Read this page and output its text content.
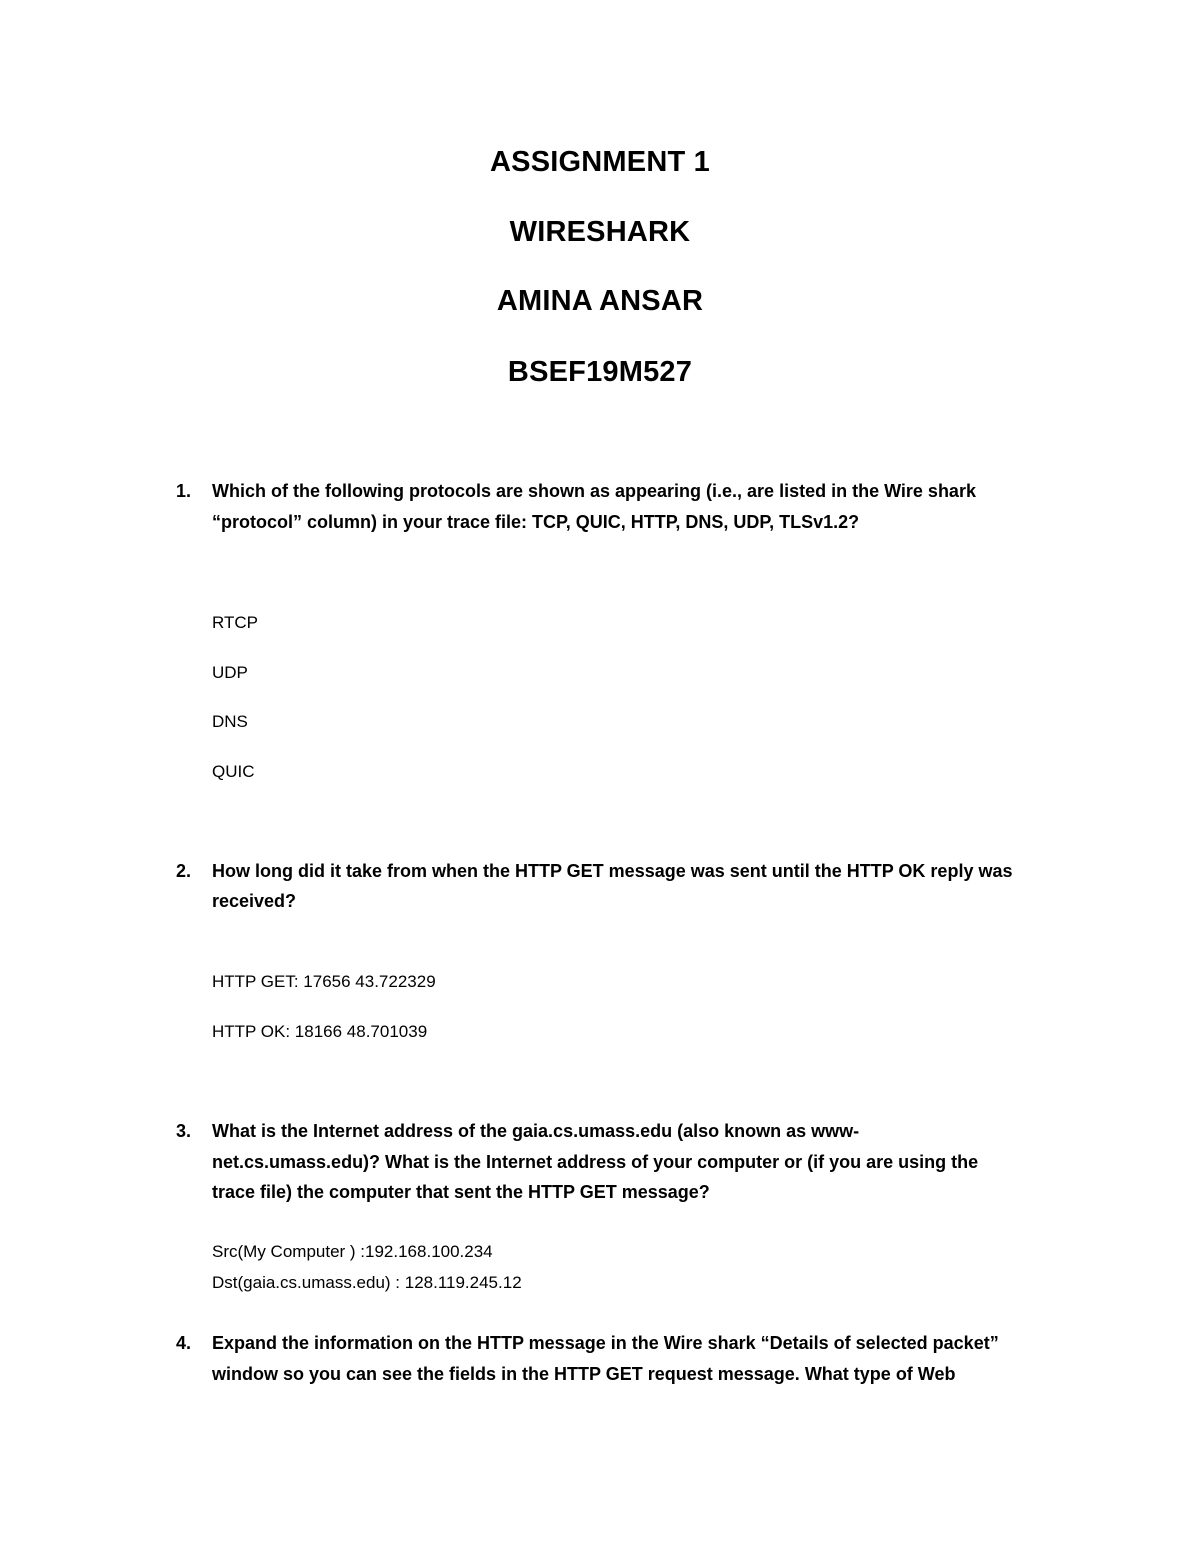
ASSIGNMENT 1
WIRESHARK
AMINA ANSAR
BSEF19M527
1. Which of the following protocols are shown as appearing (i.e., are listed in the Wire shark
“protocol” column) in your trace file: TCP, QUIC, HTTP, DNS, UDP, TLSv1.2?
RTCP
UDP
DNS
QUIC
2. How long did it take from when the HTTP GET message was sent until the HTTP OK reply was
received?
HTTP GET: 17656 43.722329
HTTP OK: 18166 48.701039
3. What is the Internet address of the gaia.cs.umass.edu (also known as www-
net.cs.umass.edu)? What is the Internet address of your computer or (if you are using the
trace file) the computer that sent the HTTP GET message?
Src(My Computer ) :192.168.100.234
Dst(gaia.cs.umass.edu) : 128.119.245.12
4. Expand the information on the HTTP message in the Wire shark “Details of selected packet”
window so you can see the fields in the HTTP GET request message. What type of Web
